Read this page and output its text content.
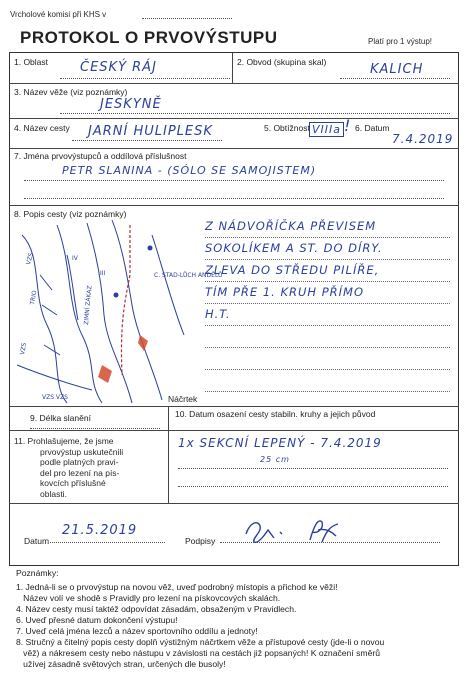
Vrcholové komisi při KHS v
PROTOKOL O PRVOVÝSTUPU	Platí pro 1 výstup!
1. Oblast ČESKÝ RÁJ	2. Obvod (skupina skal)	KALICH
3. Název věže (viz poznámky)
JESKYNĚ
4. Název cesty JARNÍ HULIPLESK	5. Obtížnost VIIIa ! 6. Datum
7.4.2019
7. Jména prvovýstupců a oddílová příslušnost
PETR SLANINA - (SÓLO SE SAMOJISTEM)
8. Popis cesty (viz poznámky)
VZS
TRIO
VZS
IV
III
ZIMNÍ ZÁKAZ
C. STAD-LŮCH ANDĚLŮ
VZS VZS	Náčrtek
Z NÁDVOŘÍČKA PŘEVISEM
SOKOLÍKEM A ST. DO DÍRY.
ZLEVA DO STŘEDU PILÍŘE,
TÍM PŘE 1. KRUH PŘÍMO
H.T.
9. Délka slanění	10. Datum osazení cesty stabiln. kruhy a jejich původ
11. Prohlašujeme, že jsme
prvovýstup uskutečnili
podle platných pravi-
del pro lezení na pís-
kovcích příslušné
oblasti.
1x SEKCNÍ LEPENÝ - 7.4.2019
25 cm
Datum
21.5.2019
Podpisy
Poznámky:
1. Jedná-li se o prvovýstup na novou věž, uveď podrobný místopis a přichod ke věži!
Název volí ve shodě s Pravidly pro lezení na pískovcových skalách.
4. Název cesty musí taktéž odpovídat zásadám, obsaženým v Pravidlech.
6. Uveď přesné datum dokončení výstupu!
7. Uveď celá jména lezců a název sportovního oddílu a jednoty!
8. Stručný a čitelný popis cesty doplň výstižným náčrtkem věže a přístupové cesty (jde-li o novou
věž) a nákresem cesty nebo nástupu v závislosti na cestách již popsaných! K označení směrů
užívej zásadně světových stran, určených dle busoly!
